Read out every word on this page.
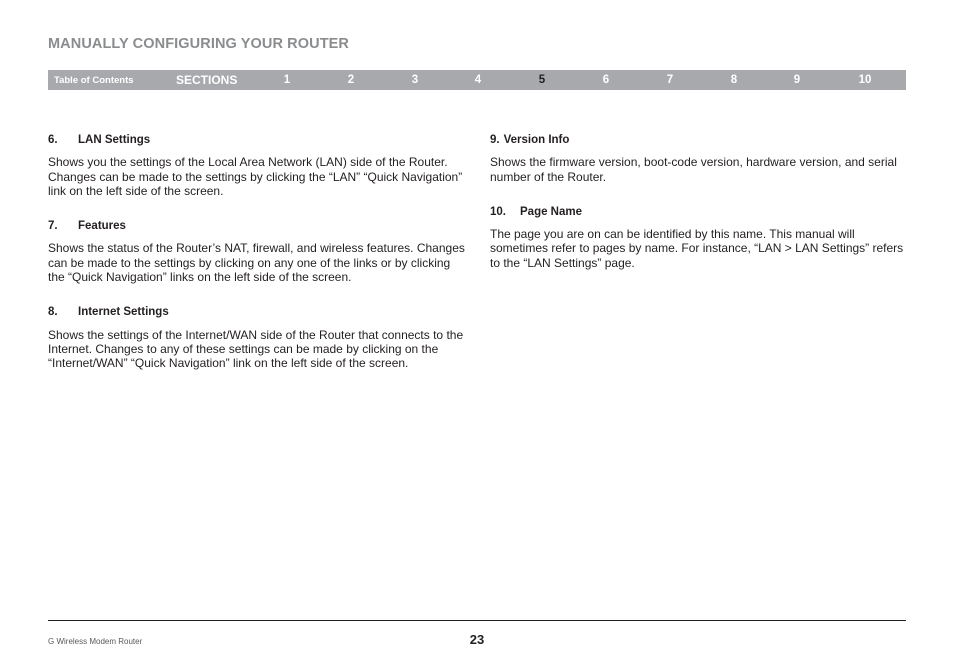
MANUALLY CONFIGURING YOUR ROUTER
Table of Contents	SECTIONS	1	2	3	4	5	6	7	8	9	10
6. LAN Settings

Shows you the settings of the Local Area Network (LAN) side of the Router. Changes can be made to the settings by clicking the “LAN” “Quick Navigation” link on the left side of the screen.

7. Features

Shows the status of the Router’s NAT, firewall, and wireless features. Changes can be made to the settings by clicking on any one of the links or by clicking the “Quick Navigation” links on the left side of the screen.

8. Internet Settings

Shows the settings of the Internet/WAN side of the Router that connects to the Internet. Changes to any of these settings can be made by clicking on the “Internet/WAN” “Quick Navigation” link on the left side of the screen.

9. Version Info

Shows the firmware version, boot-code version, hardware version, and serial number of the Router.

10. Page Name

The page you are on can be identified by this name. This manual will sometimes refer to pages by name. For instance, “LAN > LAN Settings” refers to the “LAN Settings” page.

G Wireless Modem Router	23
